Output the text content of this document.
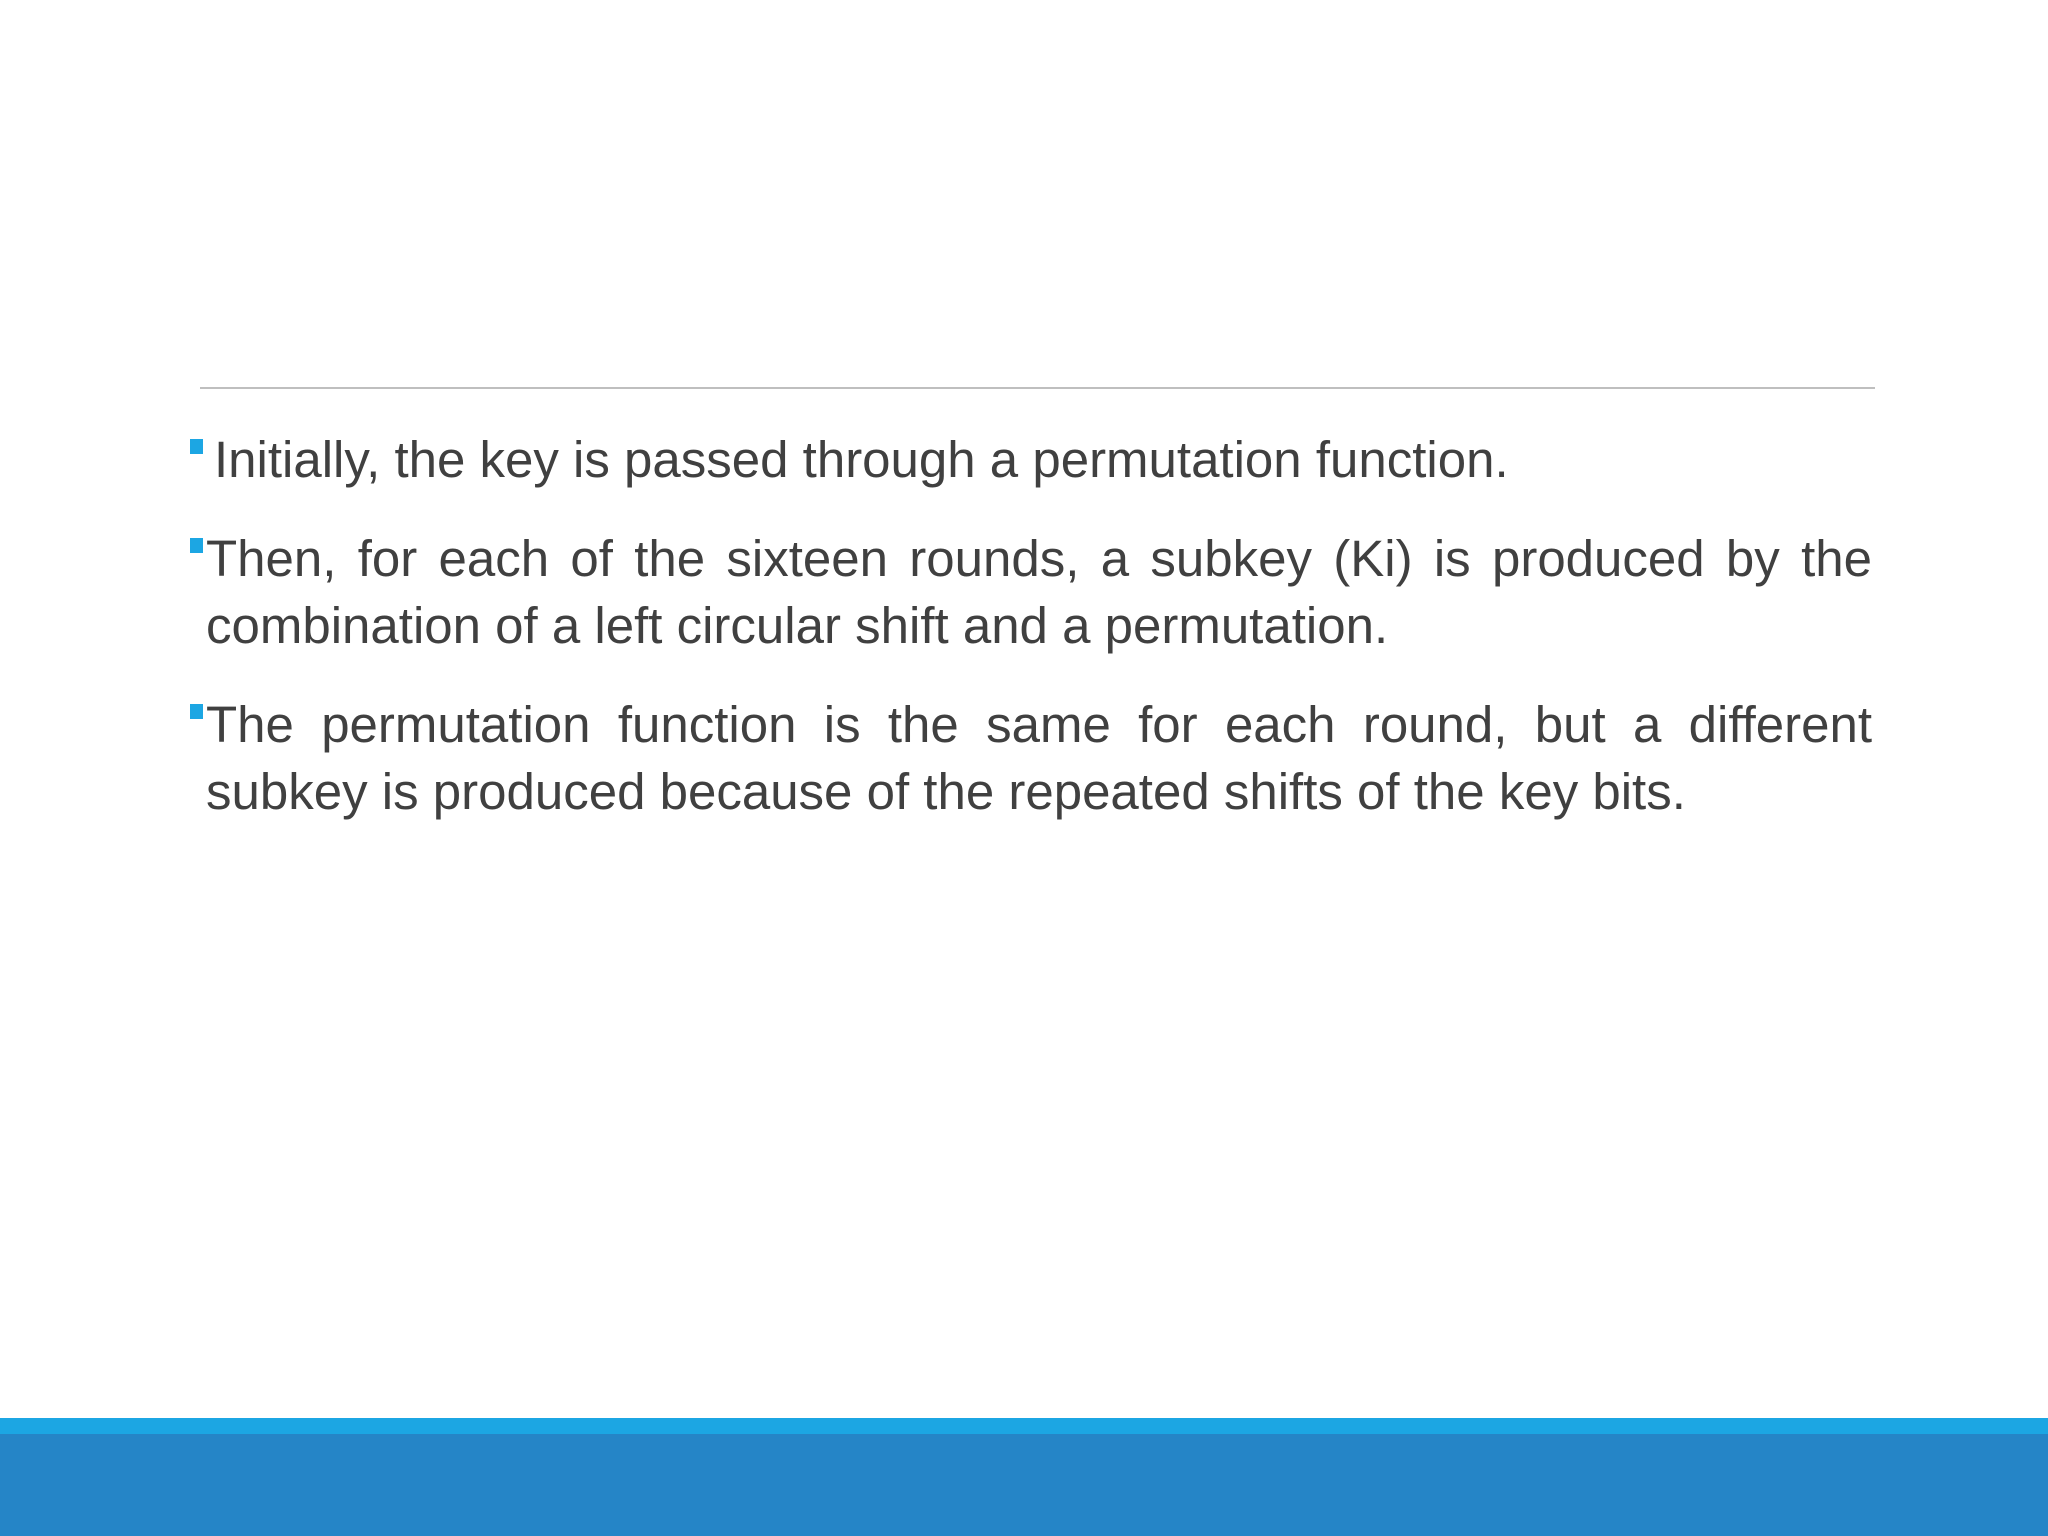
Initially, the key is passed through a permutation function.
Then, for each of the sixteen rounds, a subkey (Ki) is produced by the combination of a left circular shift and a permutation.
The permutation function is the same for each round, but a different subkey is produced because of the repeated shifts of the key bits.
